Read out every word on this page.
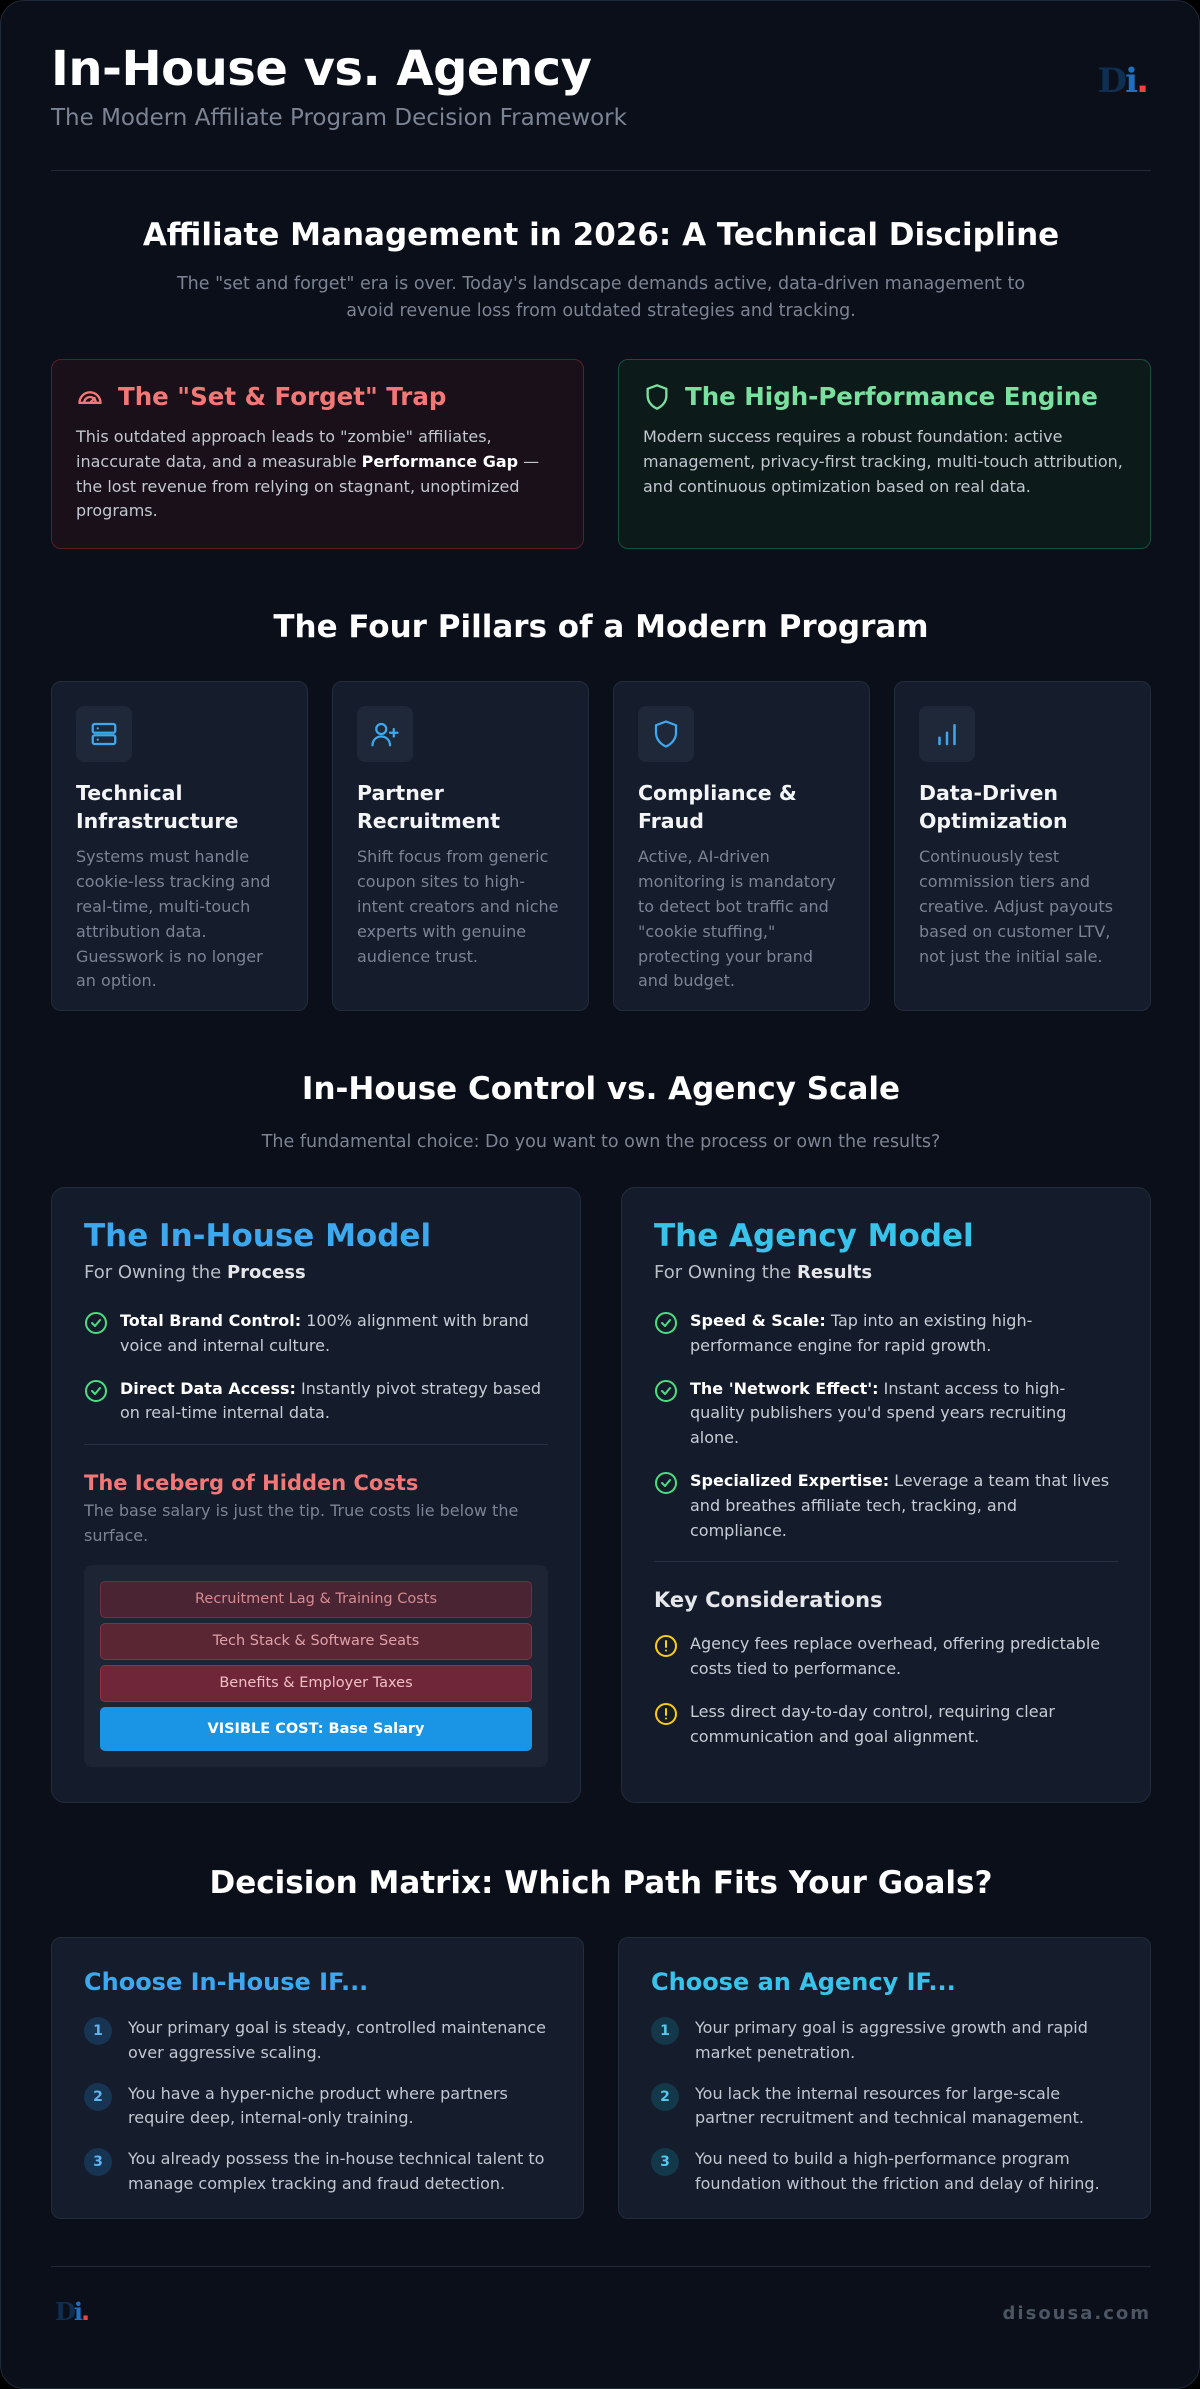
In-House vs. Agency
The Modern Affiliate Program Decision Framework
Di.
Affiliate Management in 2026: A Technical Discipline
The "set and forget" era is over. Today's landscape demands active, data-driven management to avoid revenue loss from outdated strategies and tracking.
The "Set & Forget" Trap

This outdated approach leads to "zombie" affiliates, inaccurate data, and a measurable Performance Gap — the lost revenue from relying on stagnant, unoptimized programs.

The High-Performance Engine

Modern success requires a robust foundation: active management, privacy-first tracking, multi-touch attribution, and continuous optimization based on real data.

The Four Pillars of a Modern Program
Technical Infrastructure

Systems must handle cookie-less tracking and real-time, multi-touch attribution data. Guesswork is no longer an option.

Partner Recruitment

Shift focus from generic coupon sites to high-intent creators and niche experts with genuine audience trust.

Compliance & Fraud

Active, AI-driven monitoring is mandatory to detect bot traffic and "cookie stuffing," protecting your brand and budget.

Data-Driven Optimization

Continuously test commission tiers and creative. Adjust payouts based on customer LTV, not just the initial sale.

In-House Control vs. Agency Scale
The fundamental choice: Do you want to own the process or own the results?
The In-House Model
For Owning the Process
Total Brand Control: 100% alignment with brand voice and internal culture.
Direct Data Access: Instantly pivot strategy based on real-time internal data.
The Iceberg of Hidden Costs
The base salary is just the tip. True costs lie below the surface.
Recruitment Lag & Training Costs
Tech Stack & Software Seats
Benefits & Employer Taxes
VISIBLE COST: Base Salary
The Agency Model
For Owning the Results
Speed & Scale: Tap into an existing high-performance engine for rapid growth.
The 'Network Effect': Instant access to high-quality publishers you'd spend years recruiting alone.
Specialized Expertise: Leverage a team that lives and breathes affiliate tech, tracking, and compliance.
Key Considerations
Agency fees replace overhead, offering predictable costs tied to performance.
Less direct day-to-day control, requiring clear communication and goal alignment.
Decision Matrix: Which Path Fits Your Goals?
Choose In-House IF...
1	Your primary goal is steady, controlled maintenance over aggressive scaling.
2	You have a hyper-niche product where partners require deep, internal-only training.
3	You already possess the in-house technical talent to manage complex tracking and fraud detection.
Choose an Agency IF...
1	Your primary goal is aggressive growth and rapid market penetration.
2	You lack the internal resources for large-scale partner recruitment and technical management.
3	You need to build a high-performance program foundation without the friction and delay of hiring.
Di.	disousa.com
